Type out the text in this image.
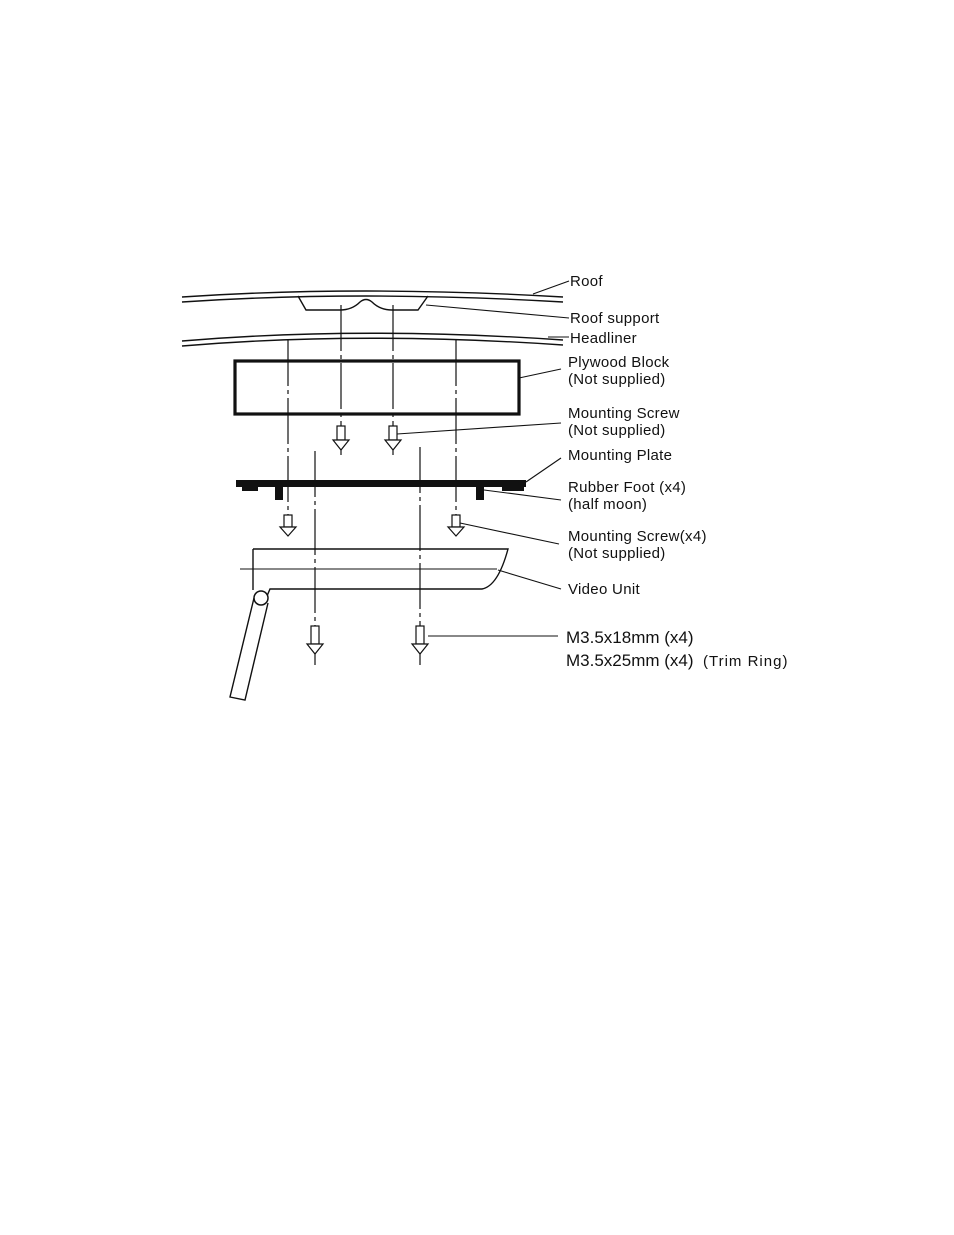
Roof
Roof support
Headliner
Plywood Block
(Not supplied)
Mounting Screw
(Not supplied)
Mounting Plate
Rubber Foot (x4)
(half moon)
Mounting Screw(x4)
(Not supplied)
Video Unit
M3.5x18mm (x4)
M3.5x25mm (x4) (Trim Ring)
